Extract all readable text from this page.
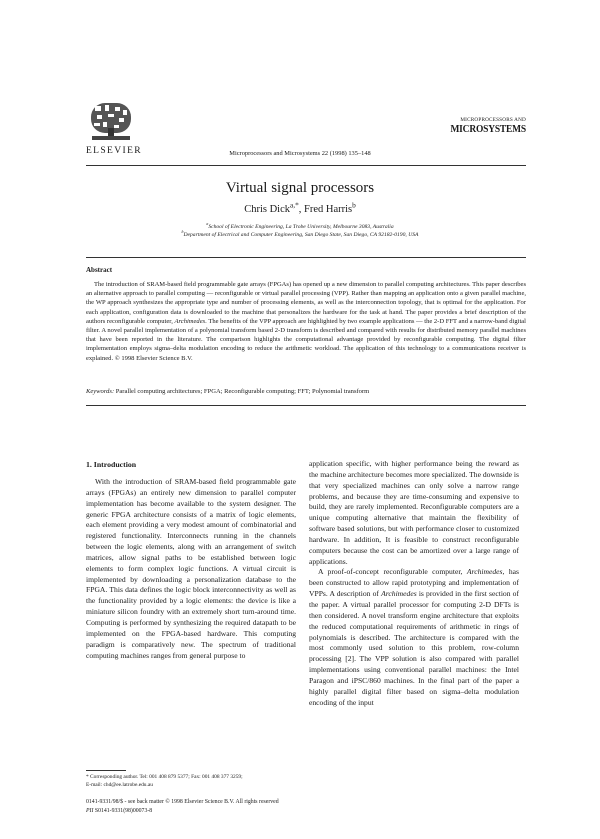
ELSEVIER	Microprocessors and Microsystems 22 (1998) 135–148
MICROPROCESSORS AND
MICROSYSTEMS
Virtual signal processors
Chris Dick$^{a,*}$, Fred Harris$^b$
$^a$School of Electronic Engineering, La Trobe University, Melbourne 3083, Australia
$^b$Department of Electrical and Computer Engineering, San Diego State, San Diego, CA 92182-0190, USA
Abstract
The introduction of SRAM-based field programmable gate arrays (FPGAs) has opened up a new dimension to parallel computing architectures. This paper describes an alternative approach to parallel computing — reconfigurable or virtual parallel processing (VPP). Rather than mapping an application onto a given parallel machine, the WP approach synthesizes the appropriate type and number of processing elements, as well as the interconnection topology, that is optimal for the application. For each application, configuration data is downloaded to the machine that personalizes the hardware for the task at hand. The paper provides a brief description of the authors reconfigurable computer, Archimedes. The benefits of the VPP approach are highlighted by two example applications — the 2-D FFT and a narrow-band digital filter. A novel parallel implementation of a polynomial transform based 2-D transform is described and compared with results for distributed memory parallel machines that have been reported in the literature. The comparison highlights the computational advantage provided by reconfigurable computing. The digital filter implementation employs sigma–delta modulation encoding to reduce the arithmetic workload. The application of this technology to a communications receiver is explained. © 1998 Elsevier Science B.V.
Keywords: Parallel computing architectures; FPGA; Reconfigurable computing; FFT; Polynomial transform
1. Introduction

With the introduction of SRAM-based field programmable gate arrays (FPGAs) an entirely new dimension to parallel computer implementation has become available to the system designer. The generic FPGA architecture consists of a matrix of logic elements, each element providing a very modest amount of combinatorial and registered functionality. Interconnects running in the channels between the logic elements, along with an arrangement of switch matrices, allow signal paths to be established between logic elements to form complex logic functions. A virtual circuit is implemented by downloading a personalization database to the FPGA. This data defines the logic block interconnectivity as well as the functionality provided by a logic elements: the device is like a miniature silicon foundry with an extremely short turn-around time. Computing is performed by synthesizing the required datapath to be implemented on the FPGA-based hardware. This computing paradigm is comparatively new. The spectrum of traditional computing machines ranges from general purpose to

application specific, with higher performance being the reward as the machine architecture becomes more specialized. The downside is that very specialized machines can only solve a narrow range problems, and because they are time-consuming and expensive to build, they are rarely implemented. Reconfigurable computers are a unique computing alternative that maintain the flexibility of software based solutions, but with performance closer to customized hardware. In addition, It is feasible to construct reconfigurable computers because the cost can be amortized over a large range of applications.

A proof-of-concept reconfigurable computer, Archimedes, has been constructed to allow rapid prototyping and implementation of VPPs. A description of Archimedes is provided in the first section of the paper. A virtual parallel processor for computing 2-D DFTs is then considered. A novel transform engine architecture that exploits the reduced computational requirements of arithmetic in rings of polynomials is described. The architecture is compared with the most commonly used solution to this problem, row-column processing [2]. The VPP solution is also compared with parallel implementations using conventional parallel machines: the Intel Paragon and iPSC/860 machines. In the final part of the paper a highly parallel digital filter based on sigma–delta modulation encoding of the input

* Corresponding author. Tel: 001 408 879 5377; Fax: 001 408 377 3259;
E-mail: chd@ee.latrobe.edu.au
0141-9331/98/$ - see back matter © 1998 Elsevier Science B.V. All rights reserved
PII S0141-9331(98)00073-8
